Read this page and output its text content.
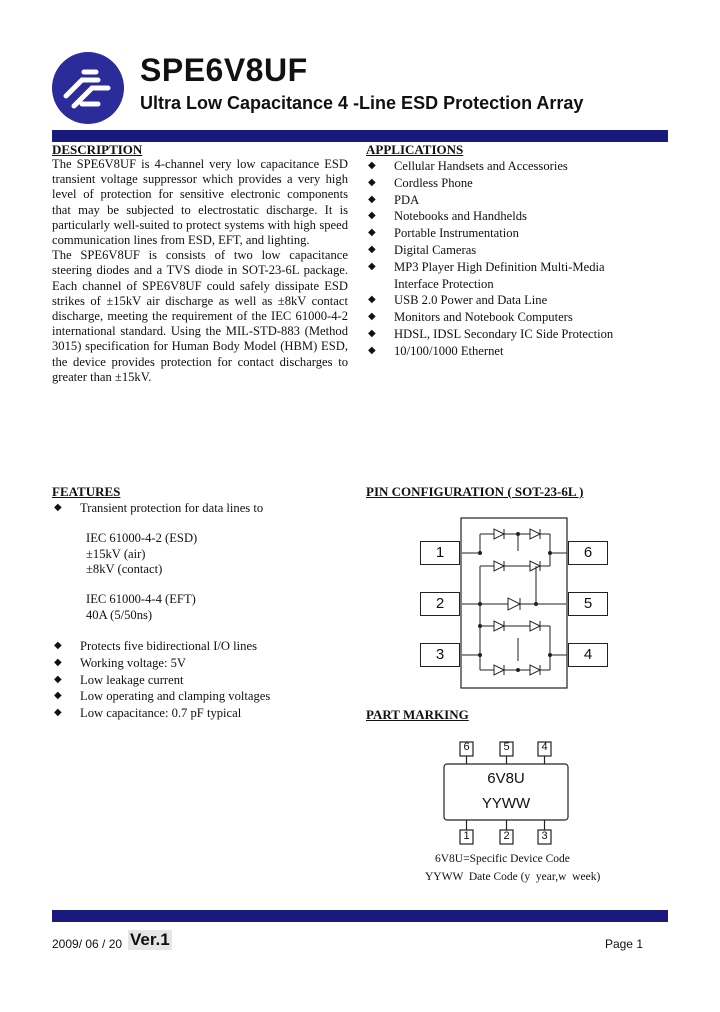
SPE6V8UF
Ultra Low Capacitance 4 -Line ESD Protection Array
DESCRIPTION

The SPE6V8UF is 4-channel very low capacitance ESD transient voltage suppressor which provides a very high level of protection for sensitive electronic components that may be subjected to electrostatic discharge. It is particularly well-suited to protect systems with high speed communication lines from ESD, EFT, and lighting.

The SPE6V8UF is consists of two low capacitance steering diodes and a TVS diode in SOT-23-6L package. Each channel of SPE6V8UF could safely dissipate ESD strikes of ±15kV air discharge as well as ±8kV contact discharge, meeting the requirement of the IEC 61000-4-2 international standard. Using the MIL-STD-883 (Method 3015) specification for Human Body Model (HBM) ESD, the device provides protection for contact discharges to greater than ±15kV.

APPLICATIONS
◆ Cellular Handsets and Accessories
◆ Cordless Phone
◆ PDA
◆ Notebooks and Handhelds
◆ Portable Instrumentation
◆ Digital Cameras
◆ MP3 Player High Definition Multi-Media
Interface Protection
◆ USB 2.0 Power and Data Line
◆ Monitors and Notebook Computers
◆ HDSL, IDSL Secondary IC Side Protection
◆ 10/100/1000 Ethernet
FEATURES
◆ Transient protection for data lines to
IEC 61000-4-2 (ESD)
±15kV (air)
±8kV (contact)
IEC 61000-4-4 (EFT)
40A (5/50ns)
◆ Protects five bidirectional I/O lines
◆ Working voltage: 5V
◆ Low leakage current
◆ Low operating and clamping voltages
◆ Low capacitance: 0.7 pF typical
PIN CONFIGURATION ( SOT-23-6L )
1
2
3
6
5
4
PART MARKING
6	5	4
6V8U
YYWW
1	2	3
6V8U=Specific Device Code
YYWW  Date Code (y  year,w  week)
2009/ 06 / 20 Ver.1	Page 1
